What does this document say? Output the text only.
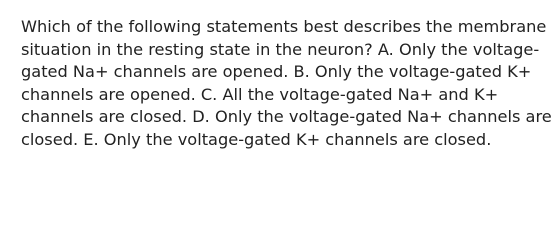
Which of the following statements best describes the membrane
situation in the resting state in the neuron? A. Only the voltage-
gated Na+ channels are opened. B. Only the voltage-gated K+
channels are opened. C. All the voltage-gated Na+ and K+
channels are closed. D. Only the voltage-gated Na+ channels are
closed. E. Only the voltage-gated K+ channels are closed.
